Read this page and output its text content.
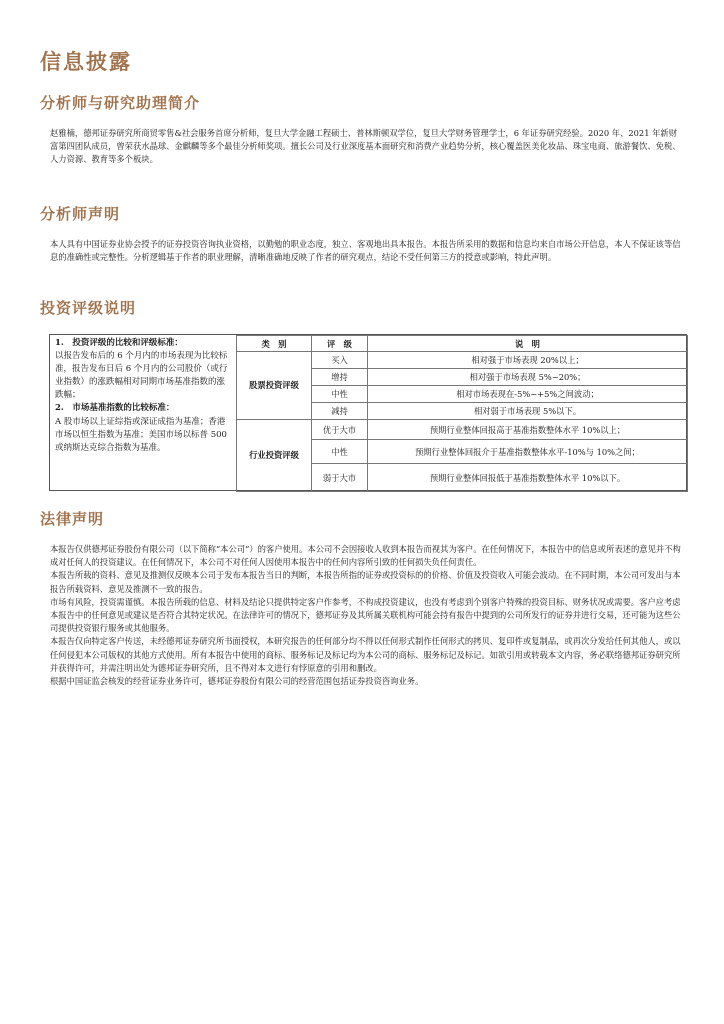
信息披露
分析师与研究助理简介
赵雅楠，德邦证券研究所商贸零售&社会服务首席分析师，复旦大学金融工程硕士、普林斯顿双学位，复旦大学财务管理学士，6 年证券研究经验。2020 年、2021 年新财富第四团队成员，曾荣获水晶球、金麒麟等多个最佳分析师奖项。擅长公司及行业深度基本面研究和消费产业趋势分析，核心覆盖医美化妆品、珠宝电商、旅游餐饮、免税、人力资源、教育等多个板块。
分析师声明
本人具有中国证券业协会授予的证券投资咨询执业资格，以勤勉的职业态度，独立、客观地出具本报告。本报告所采用的数据和信息均来自市场公开信息，本人不保证该等信息的准确性或完整性。分析逻辑基于作者的职业理解，清晰准确地反映了作者的研究观点，结论不受任何第三方的授意或影响，特此声明。
投资评级说明

1.　投资评级的比较和评级标准：

以报告发布后的 6 个月内的市场表现为比较标准，报告发布日后 6 个月内的公司股价（或行业指数）的涨跌幅相对同期市场基准指数的涨跌幅；

2.　市场基准指数的比较标准：

A 股市场以上证综指或深证成指为基准；香港市场以恒生指数为基准；美国市场以标普 500 或纳斯达克综合指数为基准。

类　别	评　级	说　明
股票投资评级	买入	相对强于市场表现 20%以上；
	增持	相对强于市场表现 5%~20%；
	中性	相对市场表现在-5%~+5%之间波动；
	减持	相对弱于市场表现 5%以下。
行业投资评级	优于大市	预期行业整体回报高于基准指数整体水平 10%以上；
	中性	预期行业整体回报介于基准指数整体水平-10%与 10%之间；
	弱于大市	预期行业整体回报低于基准指数整体水平 10%以下。
法律声明

本报告仅供德邦证券股份有限公司（以下简称“本公司”）的客户使用。本公司不会因接收人收到本报告而视其为客户。在任何情况下，本报告中的信息或所表述的意见并不构成对任何人的投资建议。在任何情况下，本公司不对任何人因使用本报告中的任何内容所引致的任何损失负任何责任。

本报告所载的资料、意见及推测仅反映本公司于发布本报告当日的判断，本报告所指的证券或投资标的的价格、价值及投资收入可能会波动。在不同时期，本公司可发出与本报告所载资料、意见及推测不一致的报告。

市场有风险，投资需谨慎。本报告所载的信息、材料及结论只提供特定客户作参考，不构成投资建议，也没有考虑到个别客户特殊的投资目标、财务状况或需要。客户应考虑本报告中的任何意见或建议是否符合其特定状况。在法律许可的情况下，德邦证券及其所属关联机构可能会持有报告中提到的公司所发行的证券并进行交易，还可能为这些公司提供投资银行服务或其他服务。

本报告仅向特定客户传送，未经德邦证券研究所书面授权，本研究报告的任何部分均不得以任何形式制作任何形式的拷贝、复印件或复制品，或再次分发给任何其他人，或以任何侵犯本公司版权的其他方式使用。所有本报告中使用的商标、服务标记及标记均为本公司的商标、服务标记及标记。如欲引用或转载本文内容，务必联络德邦证券研究所并获得许可，并需注明出处为德邦证券研究所，且不得对本文进行有悖原意的引用和删改。

根据中国证监会核发的经营证券业务许可，德邦证券股份有限公司的经营范围包括证券投资咨询业务。
